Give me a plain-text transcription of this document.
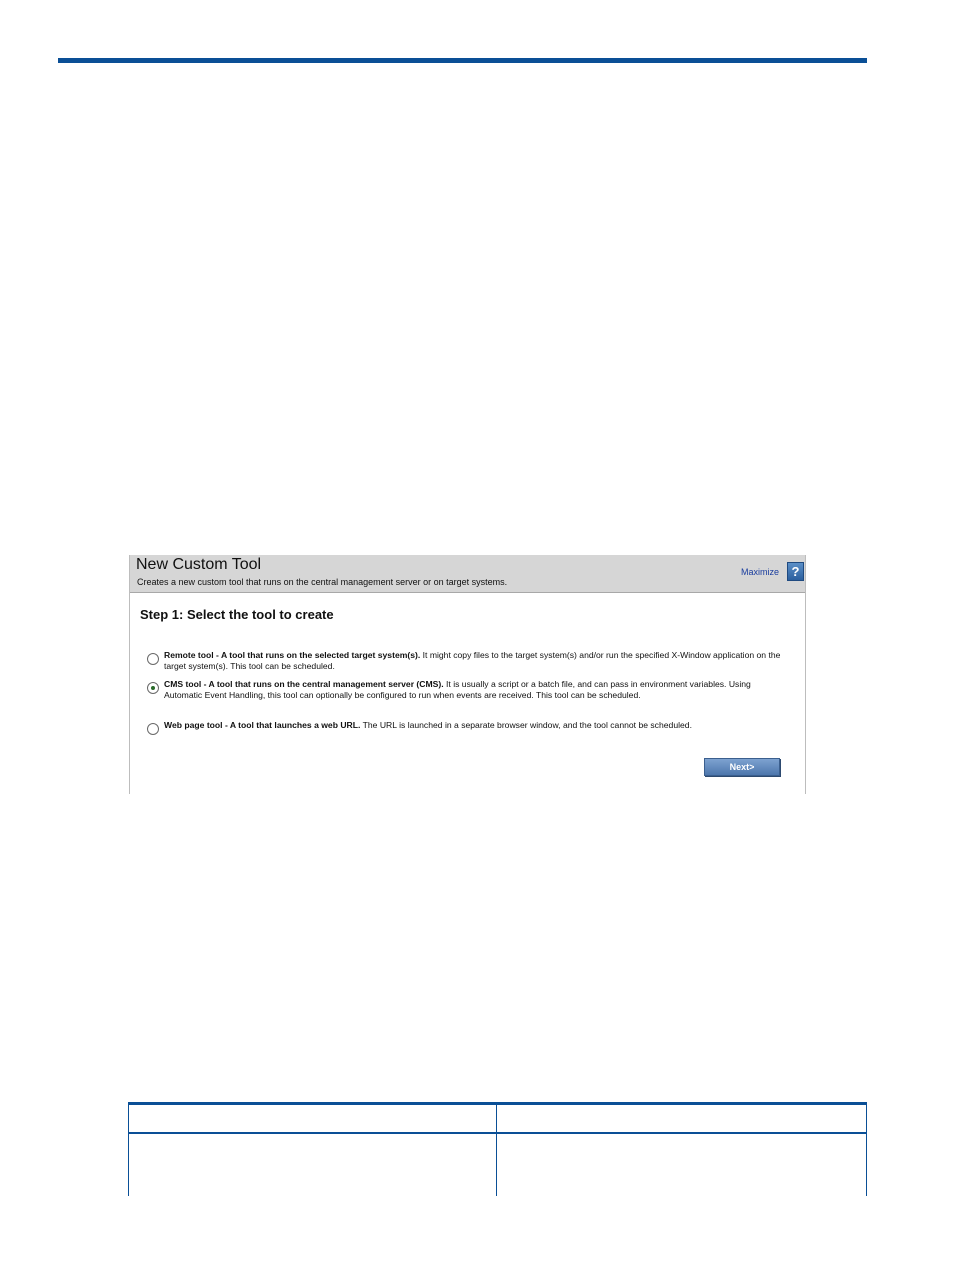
New Custom Tool
Creates a new custom tool that runs on the central management server or on target systems.
Maximize ?
Step 1: Select the tool to create
Remote tool - A tool that runs on the selected target system(s). It might copy files to the target system(s) and/or run the specified X-Window application on the target system(s). This tool can be scheduled.
CMS tool - A tool that runs on the central management server (CMS). It is usually a script or a batch file, and can pass in environment variables. Using Automatic Event Handling, this tool can optionally be configured to run when events are received. This tool can be scheduled.
Web page tool - A tool that launches a web URL. The URL is launched in a separate browser window, and the tool cannot be scheduled.
Next>
